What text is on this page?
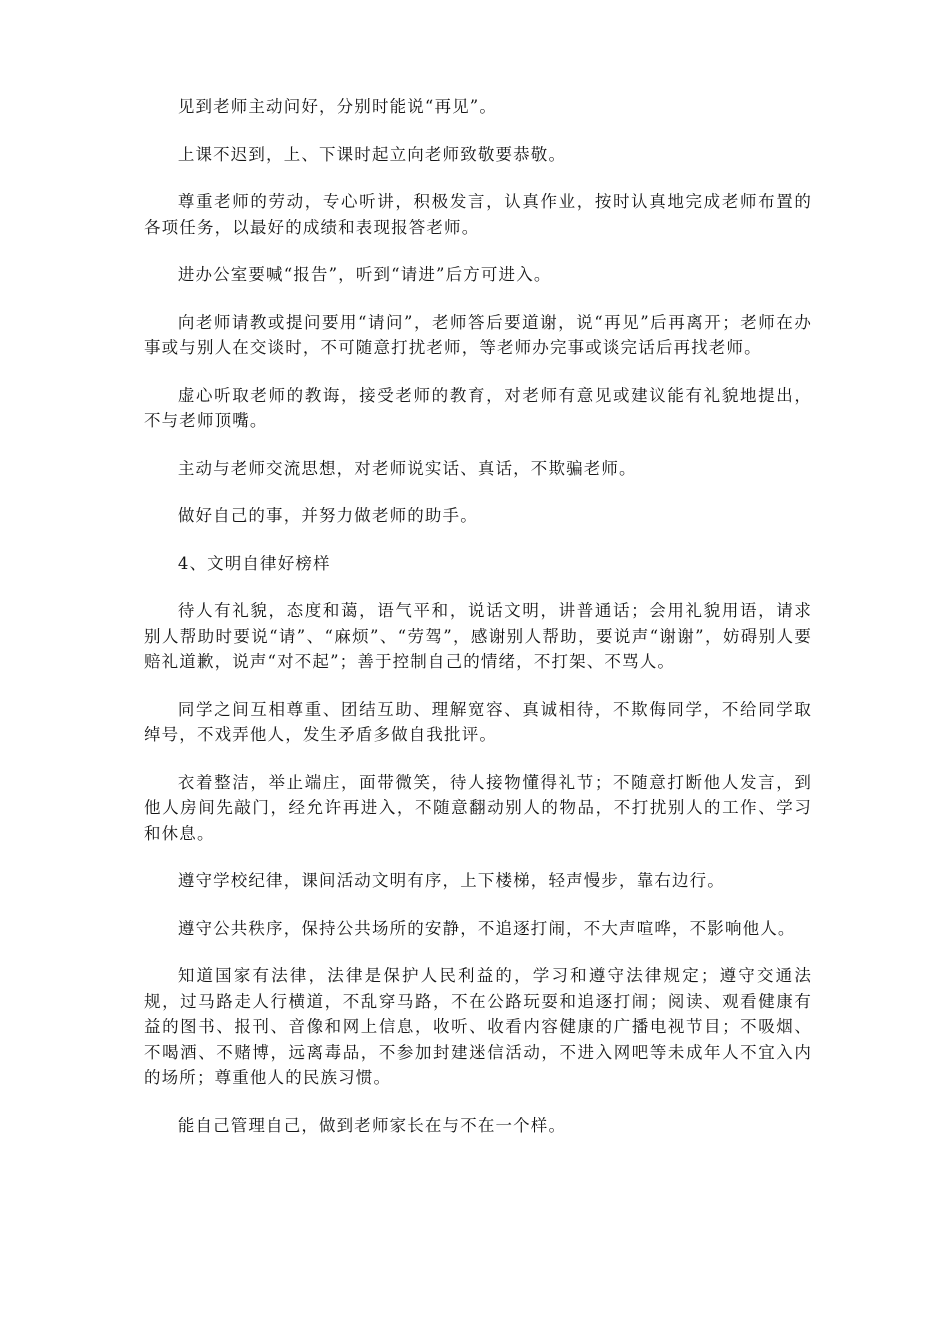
见到老师主动问好，分别时能说“再见”。

上课不迟到，上、下课时起立向老师致敬要恭敬。

尊重老师的劳动，专心听讲，积极发言，认真作业，按时认真地完成老师布置的各项任务，以最好的成绩和表现报答老师。

进办公室要喊“报告”，听到“请进”后方可进入。

向老师请教或提问要用“请问”，老师答后要道谢，说“再见”后再离开；老师在办事或与别人在交谈时，不可随意打扰老师，等老师办完事或谈完话后再找老师。

虚心听取老师的教诲，接受老师的教育，对老师有意见或建议能有礼貌地提出，不与老师顶嘴。

主动与老师交流思想，对老师说实话、真话，不欺骗老师。

做好自己的事，并努力做老师的助手。

4、文明自律好榜样

待人有礼貌，态度和蔼，语气平和，说话文明，讲普通话；会用礼貌用语，请求别人帮助时要说“请”、“麻烦”、“劳驾”，感谢别人帮助，要说声“谢谢”，妨碍别人要赔礼道歉，说声“对不起”；善于控制自己的情绪，不打架、不骂人。

同学之间互相尊重、团结互助、理解宽容、真诚相待，不欺侮同学，不给同学取绰号，不戏弄他人，发生矛盾多做自我批评。

衣着整洁，举止端庄，面带微笑，待人接物懂得礼节；不随意打断他人发言，到他人房间先敲门，经允许再进入，不随意翻动别人的物品，不打扰别人的工作、学习和休息。

遵守学校纪律，课间活动文明有序，上下楼梯，轻声慢步，靠右边行。

遵守公共秩序，保持公共场所的安静，不追逐打闹，不大声喧哗，不影响他人。

知道国家有法律，法律是保护人民利益的，学习和遵守法律规定；遵守交通法规，过马路走人行横道，不乱穿马路，不在公路玩耍和追逐打闹；阅读、观看健康有益的图书、报刊、音像和网上信息，收听、收看内容健康的广播电视节目；不吸烟、不喝酒、不赌博，远离毒品，不参加封建迷信活动，不进入网吧等未成年人不宜入内的场所；尊重他人的民族习惯。

能自己管理自己，做到老师家长在与不在一个样。
